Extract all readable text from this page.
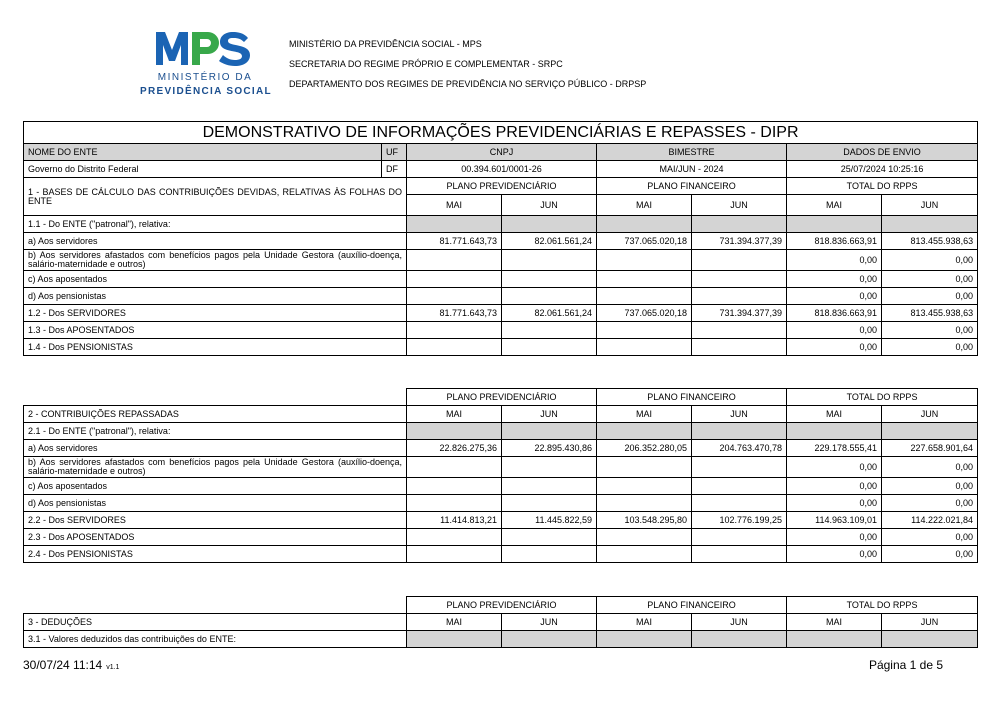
MINISTÉRIO DA
PREVIDÊNCIA SOCIAL
MINISTÉRIO DA PREVIDÊNCIA SOCIAL - MPS
SECRETARIA DO REGIME PRÓPRIO E COMPLEMENTAR - SRPC
DEPARTAMENTO DOS REGIMES DE PREVIDÊNCIA NO SERVIÇO PÚBLICO - DRPSP
DEMONSTRATIVO DE INFORMAÇÕES PREVIDENCIÁRIAS E REPASSES - DIPR							
NOME DO ENTE	UF	CNPJ		BIMESTRE		DADOS DE ENVIO	
Governo do Distrito Federal	DF	00.394.601/0001-26		MAI/JUN - 2024		25/07/2024 10:25:16	
1 - BASES DE CÁLCULO DAS CONTRIBUIÇÕES DEVIDAS, RELATIVAS ÀS FOLHAS DO ENTE		PLANO PREVIDENCIÁRIO		PLANO FINANCEIRO		TOTAL DO RPPS	
		MAI	JUN	MAI	JUN	MAI	JUN
1.1 - Do ENTE ("patronal"), relativa:							
a) Aos servidores		81.771.643,73	82.061.561,24	737.065.020,18	731.394.377,39	818.836.663,91	813.455.938,63
b) Aos servidores afastados com benefícios pagos pela Unidade Gestora (auxílio-doença, salário-maternidade e outros)						0,00	0,00
c) Aos aposentados						0,00	0,00
d) Aos pensionistas						0,00	0,00
1.2 - Dos SERVIDORES		81.771.643,73	82.061.561,24	737.065.020,18	731.394.377,39	818.836.663,91	813.455.938,63
1.3 - Dos APOSENTADOS						0,00	0,00
1.4 - Dos PENSIONISTAS						0,00	0,00
	PLANO PREVIDENCIÁRIO		PLANO FINANCEIRO		TOTAL DO RPPS	
2 - CONTRIBUIÇÕES REPASSADAS	MAI	JUN	MAI	JUN	MAI	JUN
2.1 - Do ENTE ("patronal"), relativa:						
a) Aos servidores	22.826.275,36	22.895.430,86	206.352.280,05	204.763.470,78	229.178.555,41	227.658.901,64
b) Aos servidores afastados com benefícios pagos pela Unidade Gestora (auxílio-doença, salário-maternidade e outros)					0,00	0,00
c) Aos aposentados					0,00	0,00
d) Aos pensionistas					0,00	0,00
2.2 - Dos SERVIDORES	11.414.813,21	11.445.822,59	103.548.295,80	102.776.199,25	114.963.109,01	114.222.021,84
2.3 - Dos APOSENTADOS					0,00	0,00
2.4 - Dos PENSIONISTAS					0,00	0,00
	PLANO PREVIDENCIÁRIO		PLANO FINANCEIRO		TOTAL DO RPPS	
3 - DEDUÇÕES	MAI	JUN	MAI	JUN	MAI	JUN
3.1 - Valores deduzidos das contribuições do ENTE:						
30/07/24 11:14 v1.1	Página 1 de 5
